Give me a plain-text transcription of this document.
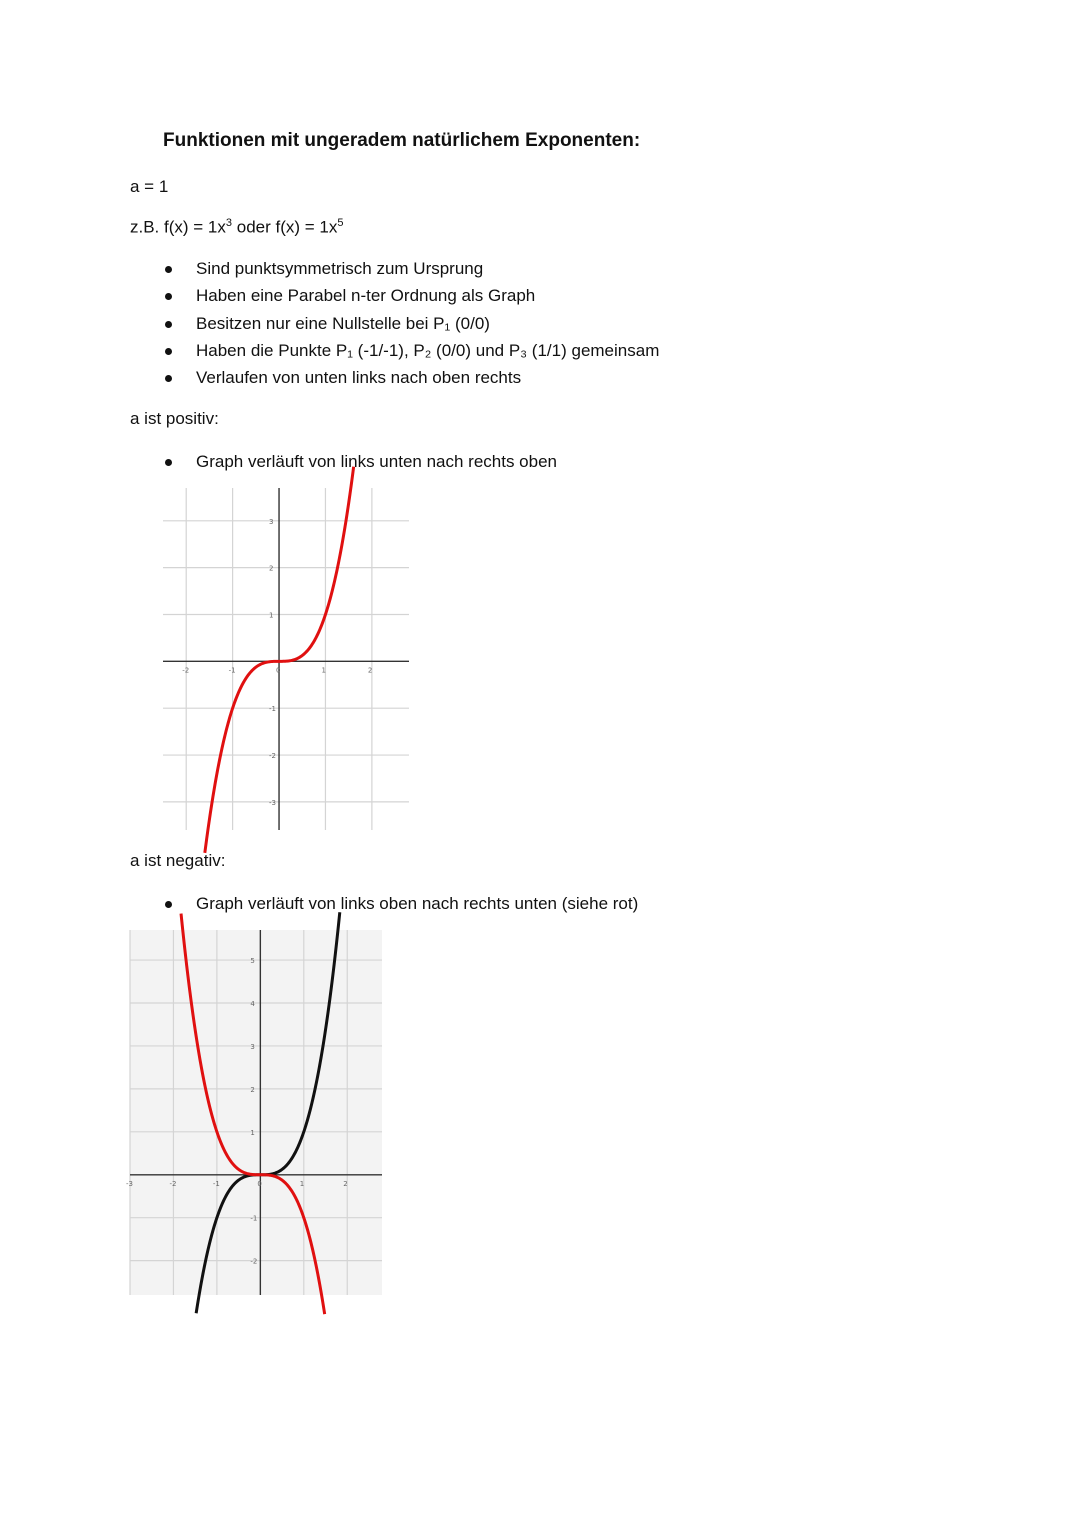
Funktionen mit ungeradem natürlichem Exponenten:
a = 1
z.B. $f(x) = 1x^3$ oder $f(x) = 1x^5$
Sind punktsymmetrisch zum Ursprung
Haben eine Parabel n-ter Ordnung als Graph
Besitzen nur eine Nullstelle bei P₁ (0/0)
Haben die Punkte P₁ (-1/-1), P₂ (0/0) und P₃ (1/1) gemeinsam
Verlaufen von unten links nach oben rechts
a ist positiv:
Graph verläuft von links unten nach rechts oben
-2	-1	0	1	2
3
2
1
-1
-2
-3
a ist negativ:
Graph verläuft von links oben nach rechts unten (siehe rot)
-3	-2	-1	0	1	2
5
4
3
2
1
-1
-2
